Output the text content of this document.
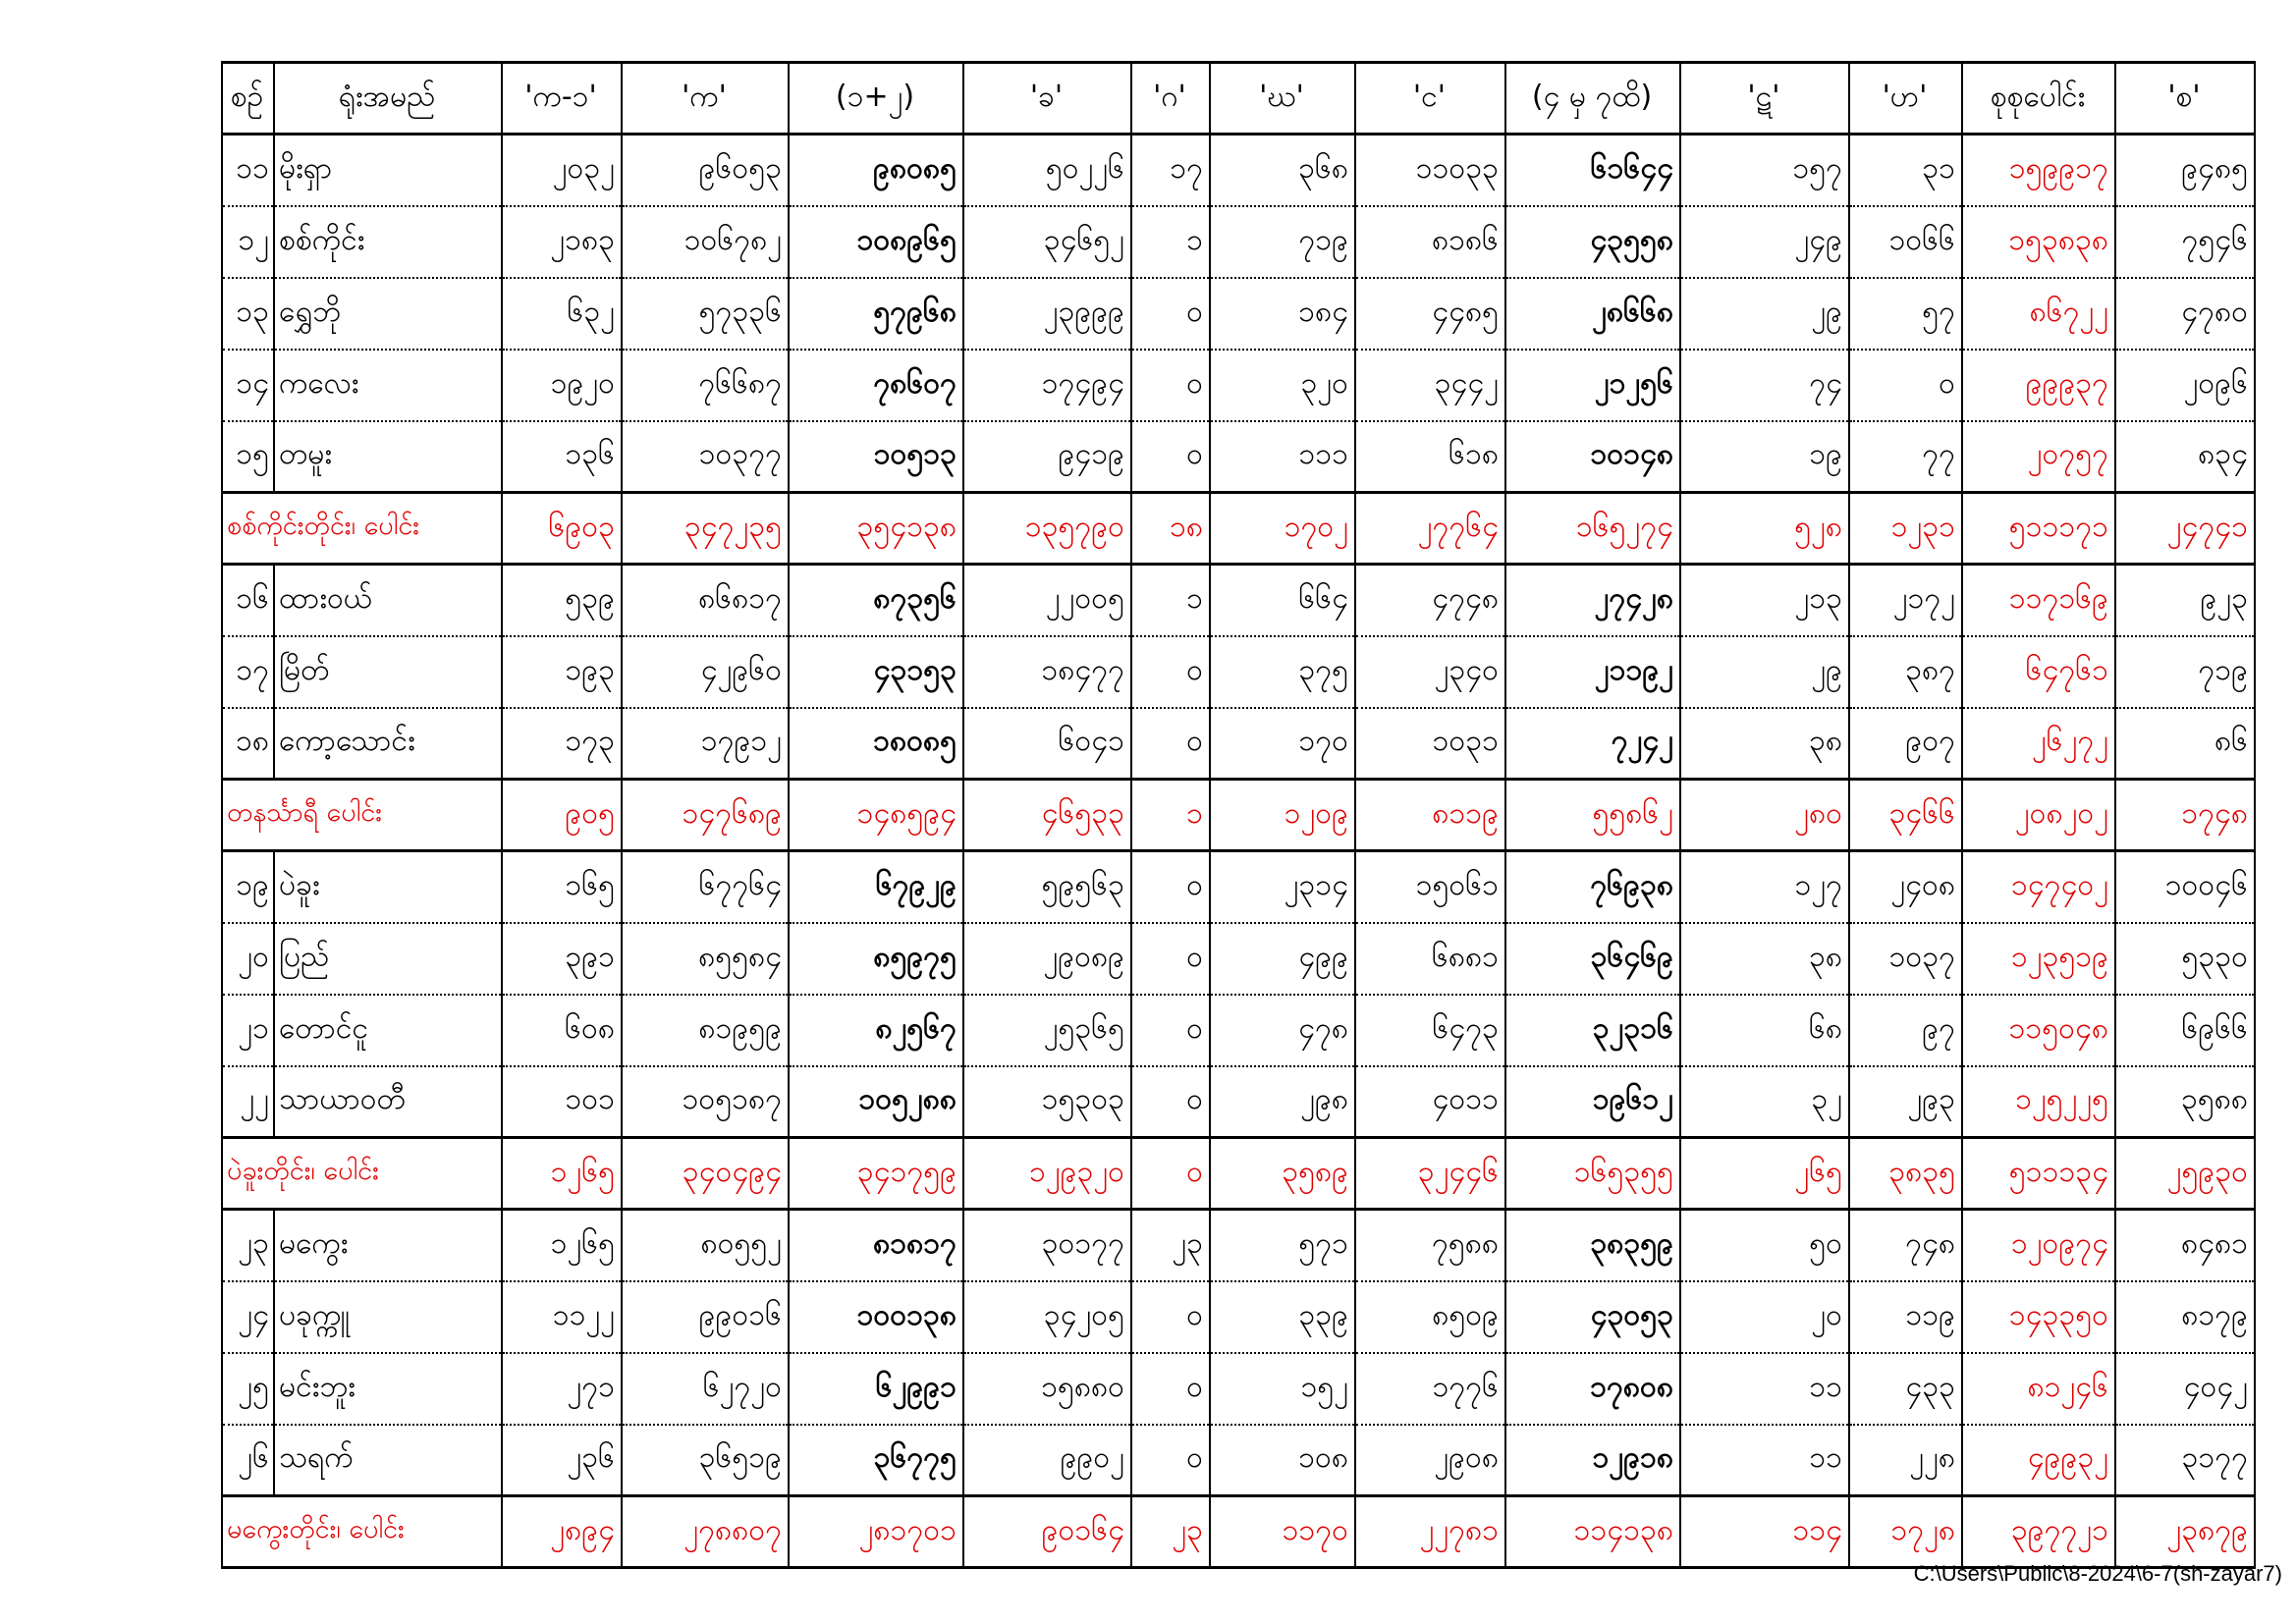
စဉ်	ရုံးအမည်	'က-၁'	'က'	(၁+၂)	'ခ'	'ဂ'	'ဃ'	'င'	(၄ မှ ၇ထိ)	'ဋ'	'ဟ'	စုစုပေါင်း	'စ'
၁၁	မိုးရှာ	၂၀၃၂	၉၆၀၅၃	၉၈၀၈၅	၅၀၂၂၆	၁၇	၃၆၈	၁၁၀၃၃	၆၁၆၄၄	၁၅၇	၃၁	၁၅၉၉၁၇	၉၄၈၅
၁၂	စစ်ကိုင်း	၂၁၈၃	၁၀၆၇၈၂	၁၀၈၉၆၅	၃၄၆၅၂	၁	၇၁၉	၈၁၈၆	၄၃၅၅၈	၂၄၉	၁၀၆၆	၁၅၃၈၃၈	၇၅၄၆
၁၃	ရွှေဘို	၆၃၂	၅၇၃၃၆	၅၇၉၆၈	၂၃၉၉၉	၀	၁၈၄	၄၄၈၅	၂၈၆၆၈	၂၉	၅၇	၈၆၇၂၂	၄၇၈၀
၁၄	ကလေး	၁၉၂၀	၇၆၆၈၇	၇၈၆၀၇	၁၇၄၉၄	၀	၃၂၀	၃၄၄၂	၂၁၂၅၆	၇၄	၀	၉၉၉၃၇	၂၀၉၆
၁၅	တမူး	၁၃၆	၁၀၃၇၇	၁၀၅၁၃	၉၄၁၉	၀	၁၁၁	၆၁၈	၁၀၁၄၈	၁၉	၇၇	၂၀၇၅၇	၈၃၄
စစ်ကိုင်းတိုင်း၊ ပေါင်း		၆၉၀၃	၃၄၇၂၃၅	၃၅၄၁၃၈	၁၃၅၇၉၀	၁၈	၁၇၀၂	၂၇၇၆၄	၁၆၅၂၇၄	၅၂၈	၁၂၃၁	၅၁၁၁၇၁	၂၄၇၄၁
၁၆	ထားဝယ်	၅၃၉	၈၆၈၁၇	၈၇၃၅၆	၂၂၀၀၅	၁	၆၆၄	၄၇၄၈	၂၇၄၂၈	၂၁၃	၂၁၇၂	၁၁၇၁၆၉	၉၂၃
၁၇	မြိတ်	၁၉၃	၄၂၉၆၀	၄၃၁၅၃	၁၈၄၇၇	၀	၃၇၅	၂၃၄၀	၂၁၁၉၂	၂၉	၃၈၇	၆၄၇၆၁	၇၁၉
၁၈	ကော့သောင်း	၁၇၃	၁၇၉၁၂	၁၈၀၈၅	၆၀၄၁	၀	၁၇၀	၁၀၃၁	၇၂၄၂	၃၈	၉၀၇	၂၆၂၇၂	၈၆
တနင်္သာရီ ပေါင်း		၉၀၅	၁၄၇၆၈၉	၁၄၈၅၉၄	၄၆၅၃၃	၁	၁၂၀၉	၈၁၁၉	၅၅၈၆၂	၂၈၀	၃၄၆၆	၂၀၈၂၀၂	၁၇၄၈
၁၉	ပဲခူး	၁၆၅	၆၇၇၆၄	၆၇၉၂၉	၅၉၅၆၃	၀	၂၃၁၄	၁၅၀၆၁	၇၆၉၃၈	၁၂၇	၂၄၀၈	၁၄၇၄၀၂	၁၀၀၄၆
၂၀	ပြည်	၃၉၁	၈၅၅၈၄	၈၅၉၇၅	၂၉၀၈၉	၀	၄၉၉	၆၈၈၁	၃၆၄၆၉	၃၈	၁၀၃၇	၁၂၃၅၁၉	၅၃၃၀
၂၁	တောင်ငူ	၆၀၈	၈၁၉၅၉	၈၂၅၆၇	၂၅၃၆၅	၀	၄၇၈	၆၄၇၃	၃၂၃၁၆	၆၈	၉၇	၁၁၅၀၄၈	၆၉၆၆
၂၂	သာယာဝတီ	၁၀၁	၁၀၅၁၈၇	၁၀၅၂၈၈	၁၅၃၀၃	၀	၂၉၈	၄၀၁၁	၁၉၆၁၂	၃၂	၂၉၃	၁၂၅၂၂၅	၃၅၈၈
ပဲခူးတိုင်း၊ ပေါင်း		၁၂၆၅	၃၄၀၄၉၄	၃၄၁၇၅၉	၁၂၉၃၂၀	၀	၃၅၈၉	၃၂၄၄၆	၁၆၅၃၅၅	၂၆၅	၃၈၃၅	၅၁၁၁၃၄	၂၅၉၃၀
၂၃	မကွေး	၁၂၆၅	၈၀၅၅၂	၈၁၈၁၇	၃၀၁၇၇	၂၃	၅၇၁	၇၅၈၈	၃၈၃၅၉	၅၀	၇၄၈	၁၂၀၉၇၄	၈၄၈၁
၂၄	ပခုက္ကူ	၁၁၂၂	၉၉၀၁၆	၁၀၀၁၃၈	၃၄၂၀၅	၀	၃၃၉	၈၅၀၉	၄၃၀၅၃	၂၀	၁၁၉	၁၄၃၃၅၀	၈၁၇၉
၂၅	မင်းဘူး	၂၇၁	၆၂၇၂၀	၆၂၉၉၁	၁၅၈၈၀	၀	၁၅၂	၁၇၇၆	၁၇၈၀၈	၁၁	၄၃၃	၈၁၂၄၆	၄၀၄၂
၂၆	သရက်	၂၃၆	၃၆၅၁၉	၃၆၇၇၅	၉၉၀၂	၀	၁၀၈	၂၉၀၈	၁၂၉၁၈	၁၁	၂၂၈	၄၉၉၃၂	၃၁၇၇
မကွေးတိုင်း၊ ပေါင်း		၂၈၉၄	၂၇၈၈၀၇	၂၈၁၇၀၁	၉၀၁၆၄	၂၃	၁၁၇၀	၂၂၇၈၁	၁၁၄၁၃၈	၁၁၄	၁၇၂၈	၃၉၇၇၂၁	၂၃၈၇၉
C:\Users\Public\8-2024\6-7(sh-zayar7)
